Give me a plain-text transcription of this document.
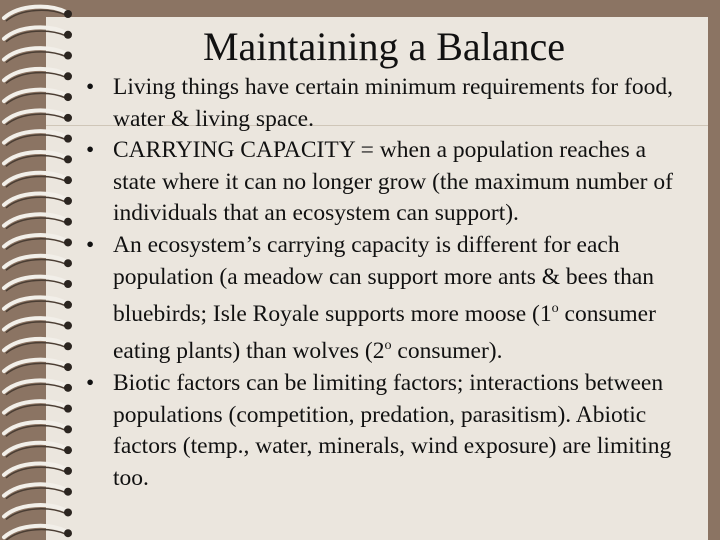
Maintaining a Balance
• Living things have certain minimum requirements for food, water & living space.
• CARRYING CAPACITY = when a population reaches a state where it can no longer grow (the maximum number of individuals that an ecosystem can support).
• An ecosystem’s carrying capacity is different for each population (a meadow can support more ants & bees than bluebirds; Isle Royale supports more moose (1$^o$ consumer eating plants) than wolves (2$^o$ consumer).
• Biotic factors can be limiting factors; interactions between populations (competition, predation, parasitism). Abiotic factors (temp., water, minerals, wind exposure) are limiting too.
